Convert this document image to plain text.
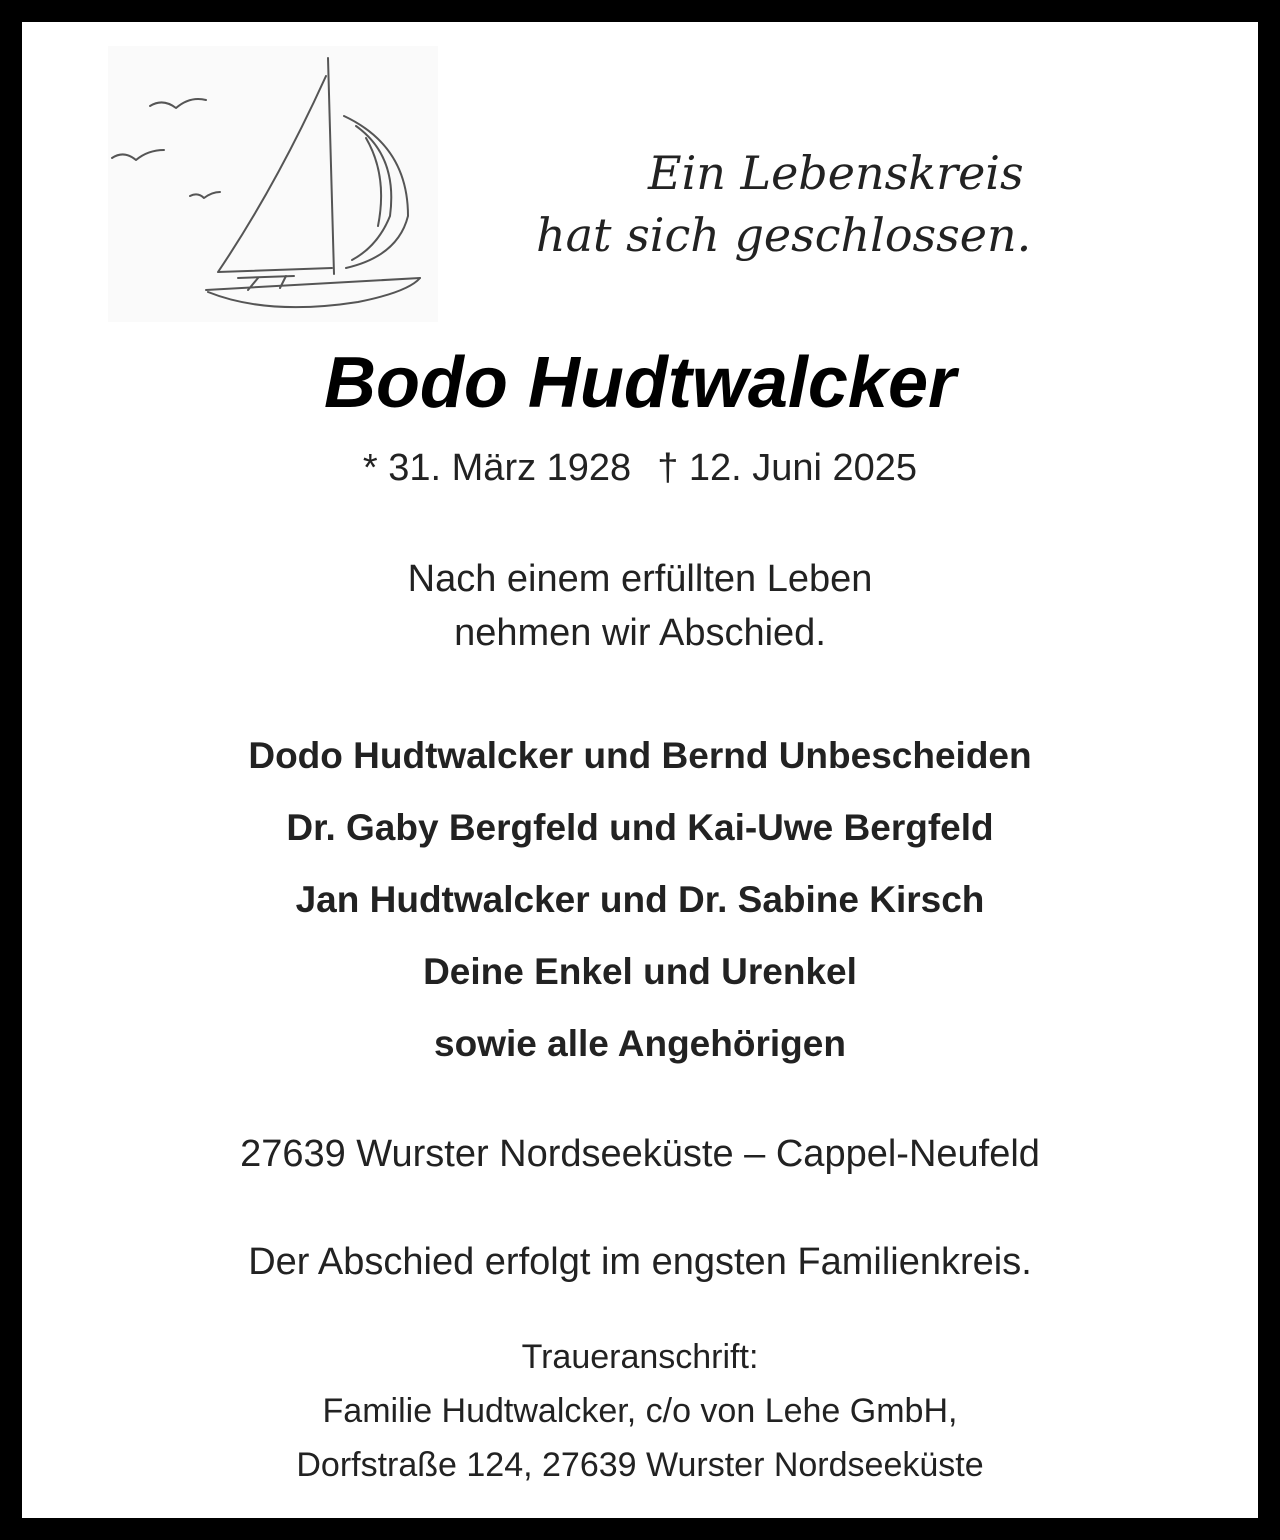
Ein Lebenskreis
hat sich geschlossen.
Bodo Hudtwalcker
* 31. März 1928 † 12. Juni 2025
Nach einem erfüllten Leben
nehmen wir Abschied.
Dodo Hudtwalcker und Bernd Unbescheiden
Dr. Gaby Bergfeld und Kai-Uwe Bergfeld
Jan Hudtwalcker und Dr. Sabine Kirsch
Deine Enkel und Urenkel
sowie alle Angehörigen
27639 Wurster Nordseeküste – Cappel-Neufeld
Der Abschied erfolgt im engsten Familienkreis.
Traueranschrift:
Familie Hudtwalcker, c/o von Lehe GmbH,
Dorfstraße 124, 27639 Wurster Nordseeküste
